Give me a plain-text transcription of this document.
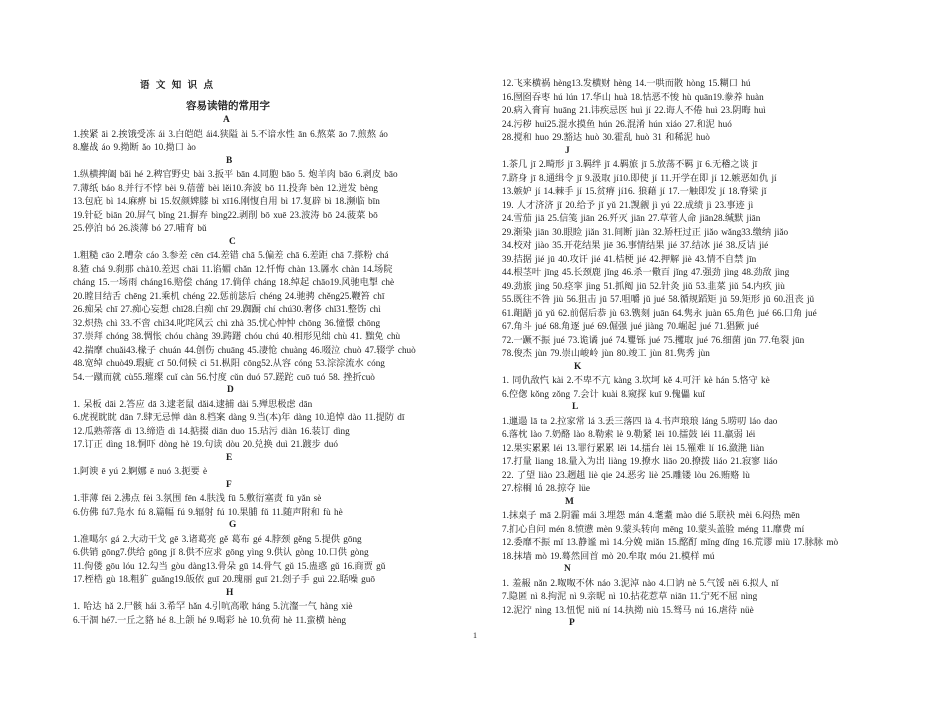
语 文 知 识 点
容易读错的常用字
A
1.挨紧 āi 2.挨饿受冻 ái 3.白皑皑 ái4.狭隘 ài 5.不谙水性 ān 6.熬菜 āo 7.煎熬 áo
8.鏖战 áo 9.拗断 ǎo 10.拗口 ào
B
1.纵横捭阖 bǎi hé 2.稗官野史 bài 3.扳平 bān 4.同胞 bāo 5. 炮羊肉 bāo 6.剥皮 bāo
7.薄纸 báo 8.并行不悖 bèi 9.蓓蕾 bèi lěi10.奔波 bō 11.投奔 bèn 12.迸发 bèng
13.包庇 bì 14.麻痹 bì 15.奴颜婢膝 bì xī16.刚愎自用 bì 17.复辟 bì 18.濒临 bīn
19.针砭 biān 20.屏气 bǐng 21.摒弃 bìng22.剥削 bō xuē 23.波涛 bō 24.菠菜 bō
25.停泊 bó 26.淡薄 bó 27.哺育 bǔ
C
1.粗糙 cāo 2.嘈杂 cáo 3.参差 cēn cī4.差错 chā 5.偏差 chā 6.差距 chā 7.搽粉 chá
8.猹 chá 9.刹那 chà10.差迟 chāi 11.谄媚 chǎn 12.忏悔 chàn 13.羼水 chàn 14.场院
cháng 15.一场雨 cháng16.赔偿 cháng 17.倘佯 cháng 18.绰起 chāo19.风驰电掣 chè
20.瞠目结舌 chēng 21.乘机 chéng 22.惩前毖后 chéng 24.驰骋 chěng25.鞭笞 chī
26.痴呆 chī 27.痴心妄想 chī28.白痴 chī 29.踟蹰 chí chú30.奢侈 chǐ31.整饬 chì
32.炽热 chì 33.不啻 chì34.叱咤风云 chì zhà 35.忧心忡忡 chōng 36.憧憬 chōng
37.崇拜 chóng 38.惆怅 chóu chàng 39.踌躇 chóu chú 40.相形见绌 chù 41. 黜免 chù
42.揣摩 chuǎi43.椽子 chuán 44.创伤 chuāng 45.凄怆 chuàng 46.啜泣 chuò 47.辍学 chuò
48.宽绰 chuò49.瑕疵 cī 50.伺候 cì 51.枞阳 cōng52.从容 cóng 53.淙淙流水 cóng
54.一蹴而就 cù55.璀璨 cuǐ càn 56.忖度 cǔn duó 57.蹉跎 cuō tuó 58. 挫折cuò
D
1. 呆板 dāi 2.答应 dā 3.逮老鼠 dǎi4.逮捕 dài 5.殚思极虑 dān
6.虎视眈眈 dān 7.肆无忌惮 dàn 8.档案 dàng 9.当(本)年 dàng 10.追悼 dào 11.提防 dī
12.瓜熟蒂落 dì 13.缔造 dì 14.掂掇 diān duo 15.玷污 diàn 16.装订 dìng
17.订正 dìng 18.恫吓 dòng hè 19.句读 dòu 20.兑换 duì 21.踱步 duó
E
1.阿谀 ē yú 2.婀娜 ē nuó 3.扼要 è
F
1.菲薄 fěi 2.沸点 fèi 3.氛围 fēn 4.肤浅 fū 5.敷衍塞责 fū yǎn sè
6.仿佛 fú7.凫水 fú 8.篇幅 fú 9.辐射 fú 10.果脯 fǔ 11.随声附和 fù hè
G
1.准噶尔 gá 2.大动干戈 gē 3.诸葛亮 gě 葛布 gé 4.脖颈 gěng 5.提供 gōng
6.供销 gōng7.供给 gōng jǐ 8.供不应求 gōng yìng 9.供认 gòng 10.口供 gòng
11.佝偻 gōu lóu 12.勾当 gòu dàng13.骨朵 gū 14.骨气 gǔ 15.蛊惑 gǔ 16.商贾 gǔ
17.桎梏 gù 18.粗犷 guǎng19.皈依 guī 20.瑰丽 guī 21.刽子手 guì 22.聒噪 guō
H
1. 哈达 hǎ 2.尸骸 hái 3.希罕 hǎn 4.引吭高歌 háng 5.沆瀣一气 hàng xiè
6.干涸 hé7.一丘之貉 hé 8.上颌 hé 9.喝彩 hè 10.负荷 hè 11.蛮横 hèng
12.飞来横祸 hèng13.发横财 hèng 14.一哄而散 hòng 15.糊口 hú
16.囫囵吞枣 hú lún 17.华山 huà 18.怙恶不悛 hù quān19.豢养 huàn
20.病入膏肓 huāng 21.讳疾忌医 huì jí 22.诲人不倦 huì 23.阴晦 huì
24.污秽 huì25.混水摸鱼 hún 26.混淆 hún xiáo 27.和泥 huó
28.搅和 huo 29.豁达 huò 30.霍乱 huò 31 和稀泥 huò
J
1.茶几 jī 2.畸形 jī 3.羁绊 jī 4.羁旅 jī 5.放荡不羁 jī 6.无稽之谈 jī
7.跻身 jī 8.通缉令 jī 9.汲取 jí10.即使 jí 11.开学在即 jí 12.嫉恶如仇 jí
13.嫉妒 jí 14.棘手 jí 15.贫瘠 jí16. 狼藉 jí 17.一触即发 jí 18.脊梁 jǐ
19. 人才济济 jǐ 20.给予 jǐ yǔ 21.觊觎 jì yú 22.成绩 jì 23.事迹 jì
24.雪茄 jiā 25.信笺 jiān 26.歼灭 jiān 27.草菅人命 jiān28.缄默 jiān
29.渐染 jiān 30.眼睑 jiǎn 31.间断 jiàn 32.矫枉过正 jiǎo wǎng33.缴纳 jiǎo
34.校对 jiào 35.开花结果 jiē 36.事情结果 jié 37.结冰 jié 38.反诘 jié
39.拮据 jié jū 40.攻讦 jié 41.桔梗 jié 42.押解 jiè 43.情不自禁 jīn
44.根茎叶 jīng 45.长颈鹿 jǐng 46.杀一儆百 jǐng 47.强劲 jìng 48.劲敌 jìng
49.劲旅 jìng 50.痉挛 jìng 51.抓阄 jiū 52.针灸 jiǔ 53.韭菜 jiǔ 54.内疚 jiù
55.既往不咎 jiù 56.狙击 jū 57.咀嚼 jǔ jué 58.循规蹈矩 jǔ 59.矩形 jǔ 60.沮丧 jǔ
61.龃龉 jǔ yǔ 62.前倨后恭 jù 63.镌刻 juān 64.隽永 juàn 65.角色 jué 66.口角 jué
67.角斗 jué 68.角逐 jué 69.倔强 jué jiàng 70.崛起 jué 71.猖獗 jué
72.一蹶不振 jué 73.诡谲 jué 74.矍铄 jué 75.攫取 jué 76.细菌 jūn 77.龟裂 jūn
78.俊杰 jùn 79.崇山峻岭 jùn 80.竣工 jùn 81.隽秀 jùn
K
1. 同仇敌忾 kài 2.不卑不亢 kàng 3.坎坷 kě 4.可汗 kè hán 5.恪守 kè
6.倥偬 kǒng zǒng 7.会计 kuài 8.窥探 kuī 9.傀儡 kuǐ
L
1.邋遢 lā ta 2.拉家常 lá 3.丢三落四 là 4.书声琅琅 láng 5.唠叨 láo dao
6.落枕 lào 7.奶酪 lào 8.勒索 lè 9.勒紧 lēi 10.擂鼓 léi 11.羸弱 léi
12.果实累累 léi 13.罪行累累 lěi 14.擂台 lèi 15.罹难 lí 16.潋滟 liàn
17.打量 liang 18.量入为出 liàng 19.撩水 liāo 20.撩拨 liáo 21.寂寥 liáo
22. 了望 liào 23.趔趄 liè qie 24.恶劣 liè 25.雕镂 lòu 26.贿赂 lù
27.棕榈 lǘ 28.掠夺 lüe
M
1.抹桌子 mā 2.阴霾 mái 3.埋怨 mán 4.耄耋 mào dié 5.联袂 mèi 6.闷热 mēn
7.扪心自问 mén 8.愤懑 mèn 9.蒙头转向 mēng 10.蒙头盖脸 méng 11.靡费 mí
12.委靡不振 mǐ 13.静谧 mì 14.分娩 miǎn 15.酩酊 mǐng dǐng 16.荒谬 miù 17.脉脉 mò
18.抹墙 mò 19.蓦然回首 mò 20.牟取 móu 21.模样 mú
N
1. 羞赧 nǎn 2.呶呶不休 náo 3.泥淖 nào 4.口讷 nè 5.气馁 něi 6.拟人 nǐ
7.隐匿 nì 8.拘泥 nì 9.亲昵 nì 10.拈花惹草 niān 11.宁死不屈 nìng
12.泥泞 nìng 13.忸怩 niǔ ní 14.执拗 niù 15.驽马 nú 16.虐待 nüè
P
1
